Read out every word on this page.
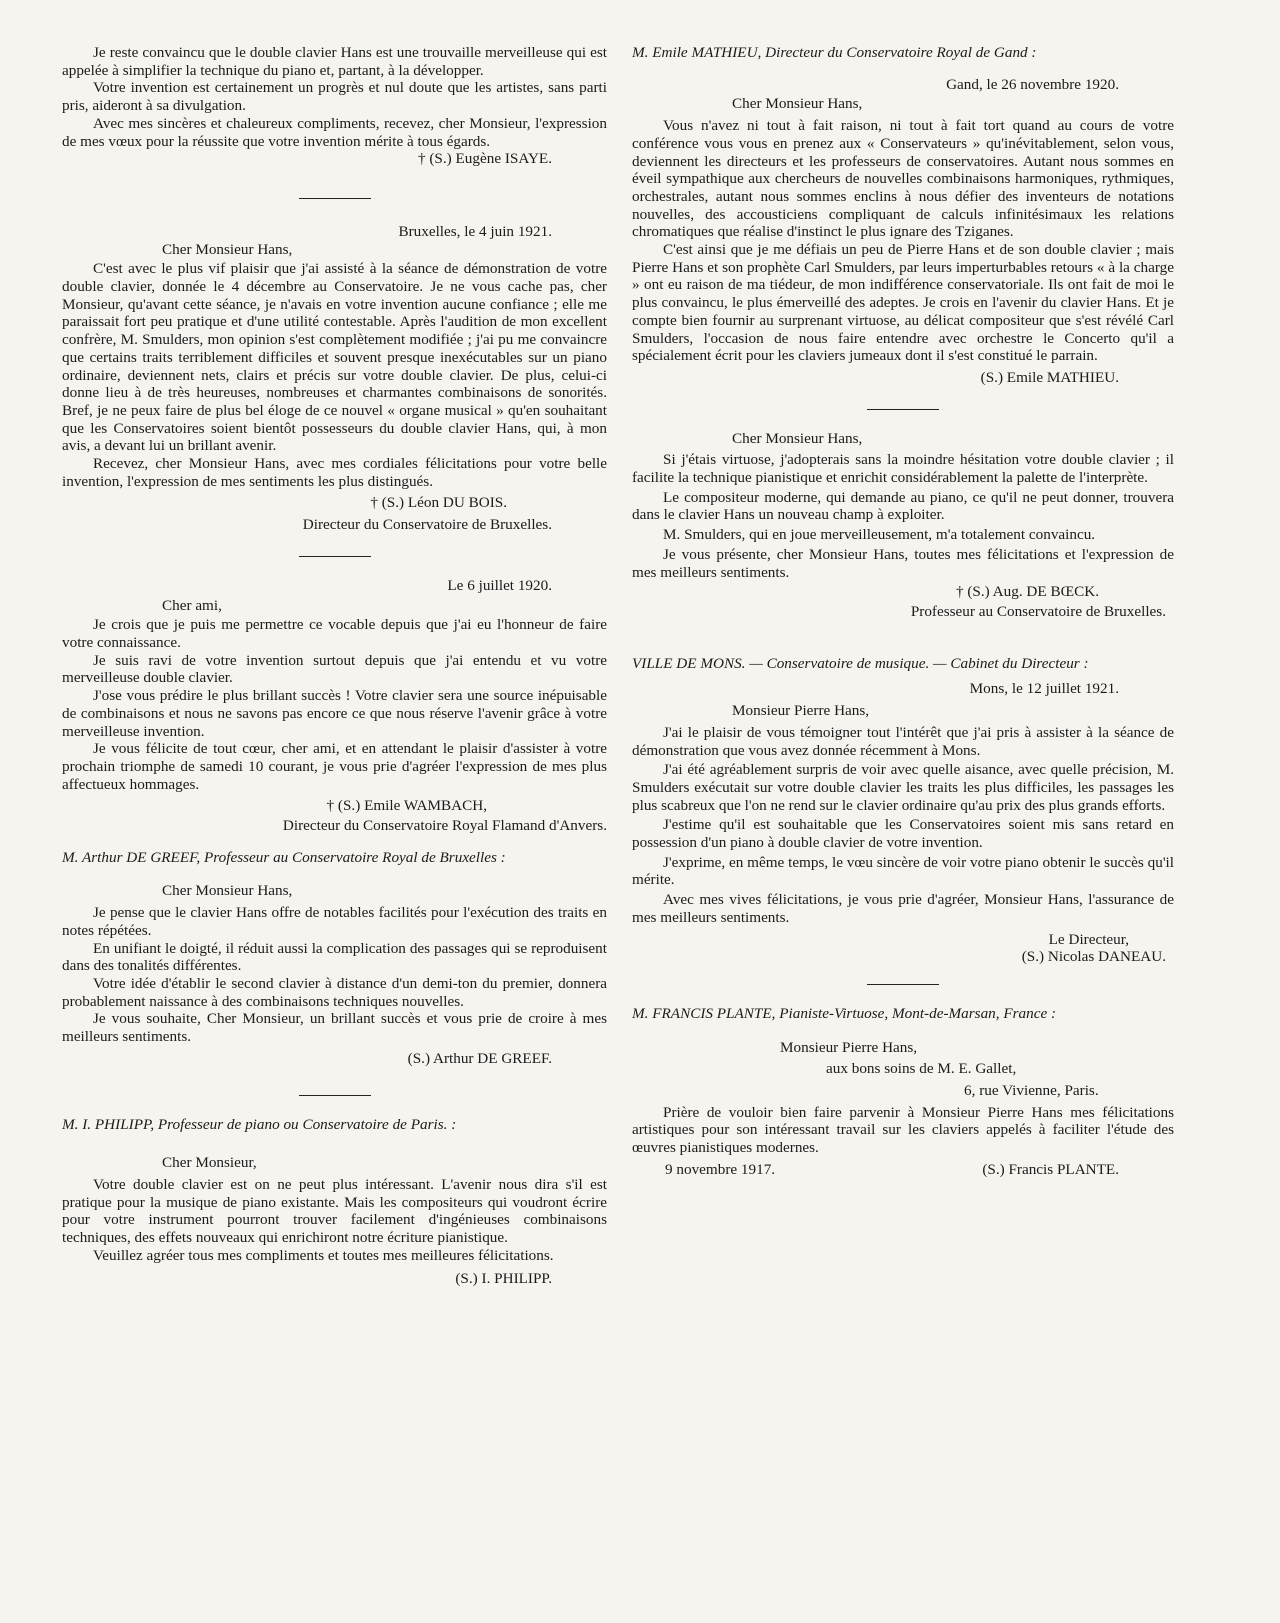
Je reste convaincu que le double clavier Hans est une trouvaille merveilleuse qui est appelée à simplifier la technique du piano et, partant, à la développer.

Votre invention est certainement un progrès et nul doute que les artistes, sans parti pris, aideront à sa divulgation.

Avec mes sincères et chaleureux compliments, recevez, cher Monsieur, l'expression de mes vœux pour la réussite que votre invention mérite à tous égards.

† (S.) Eugène ISAYE.

Bruxelles, le 4 juin 1921.

Cher Monsieur Hans,

C'est avec le plus vif plaisir que j'ai assisté à la séance de démonstration de votre double clavier, donnée le 4 décembre au Conservatoire. Je ne vous cache pas, cher Monsieur, qu'avant cette séance, je n'avais en votre invention aucune confiance ; elle me paraissait fort peu pratique et d'une utilité contestable. Après l'audition de mon excellent confrère, M. Smulders, mon opinion s'est complètement modifiée ; j'ai pu me convaincre que certains traits terriblement difficiles et souvent presque inexécutables sur un piano ordinaire, deviennent nets, clairs et précis sur votre double clavier. De plus, celui-ci donne lieu à de très heureuses, nombreuses et charmantes combinaisons de sonorités. Bref, je ne peux faire de plus bel éloge de ce nouvel « organe musical » qu'en souhaitant que les Conservatoires soient bientôt possesseurs du double clavier Hans, qui, à mon avis, a devant lui un brillant avenir.

Recevez, cher Monsieur Hans, avec mes cordiales félicitations pour votre belle invention, l'expression de mes sentiments les plus distingués.

† (S.) Léon DU BOIS.

Directeur du Conservatoire de Bruxelles.

Le 6 juillet 1920.

Cher ami,

Je crois que je puis me permettre ce vocable depuis que j'ai eu l'honneur de faire votre connaissance.

Je suis ravi de votre invention surtout depuis que j'ai entendu et vu votre merveilleuse double clavier.

J'ose vous prédire le plus brillant succès ! Votre clavier sera une source inépuisable de combinaisons et nous ne savons pas encore ce que nous réserve l'avenir grâce à votre merveilleuse invention.

Je vous félicite de tout cœur, cher ami, et en attendant le plaisir d'assister à votre prochain triomphe de samedi 10 courant, je vous prie d'agréer l'expression de mes plus affectueux hommages.

† (S.) Emile WAMBACH,

Directeur du Conservatoire Royal Flamand d'Anvers.

M. Arthur DE GREEF, Professeur au Conservatoire Royal de Bruxelles :

Cher Monsieur Hans,

Je pense que le clavier Hans offre de notables facilités pour l'exécution des traits en notes répétées.

En unifiant le doigté, il réduit aussi la complication des passages qui se reproduisent dans des tonalités différentes.

Votre idée d'établir le second clavier à distance d'un demi-ton du premier, donnera probablement naissance à des combinaisons techniques nouvelles.

Je vous souhaite, Cher Monsieur, un brillant succès et vous prie de croire à mes meilleurs sentiments.

(S.) Arthur DE GREEF.

M. I. PHILIPP, Professeur de piano ou Conservatoire de Paris. :

Cher Monsieur,

Votre double clavier est on ne peut plus intéressant. L'avenir nous dira s'il est pratique pour la musique de piano existante. Mais les compositeurs qui voudront écrire pour votre instrument pourront trouver facilement d'ingénieuses combinaisons techniques, des effets nouveaux qui enrichiront notre écriture pianistique.

Veuillez agréer tous mes compliments et toutes mes meilleures félicitations.

(S.) I. PHILIPP.

M. Emile MATHIEU, Directeur du Conservatoire Royal de Gand :

Gand, le 26 novembre 1920.

Cher Monsieur Hans,

Vous n'avez ni tout à fait raison, ni tout à fait tort quand au cours de votre conférence vous vous en prenez aux « Conservateurs » qu'inévitablement, selon vous, deviennent les directeurs et les professeurs de conservatoires. Autant nous sommes en éveil sympathique aux chercheurs de nouvelles combinaisons harmoniques, rythmiques, orchestrales, autant nous sommes enclins à nous défier des inventeurs de notations nouvelles, des accousticiens compliquant de calculs infinitésimaux les relations chromatiques que réalise d'instinct le plus ignare des Tziganes.

C'est ainsi que je me défiais un peu de Pierre Hans et de son double clavier ; mais Pierre Hans et son prophète Carl Smulders, par leurs imperturbables retours « à la charge » ont eu raison de ma tiédeur, de mon indifférence conservatoriale. Ils ont fait de moi le plus convaincu, le plus émerveillé des adeptes. Je crois en l'avenir du clavier Hans. Et je compte bien fournir au surprenant virtuose, au délicat compositeur que s'est révélé Carl Smulders, l'occasion de nous faire entendre avec orchestre le Concerto qu'il a spécialement écrit pour les claviers jumeaux dont il s'est constitué le parrain.

(S.) Emile MATHIEU.

Cher Monsieur Hans,

Si j'étais virtuose, j'adopterais sans la moindre hésitation votre double clavier ; il facilite la technique pianistique et enrichit considérablement la palette de l'interprète.

Le compositeur moderne, qui demande au piano, ce qu'il ne peut donner, trouvera dans le clavier Hans un nouveau champ à exploiter.

M. Smulders, qui en joue merveilleusement, m'a totalement convaincu.

Je vous présente, cher Monsieur Hans, toutes mes félicitations et l'expression de mes meilleurs sentiments.

† (S.) Aug. DE BŒCK.

Professeur au Conservatoire de Bruxelles.

VILLE DE MONS. — Conservatoire de musique. — Cabinet du Directeur :

Mons, le 12 juillet 1921.

Monsieur Pierre Hans,

J'ai le plaisir de vous témoigner tout l'intérêt que j'ai pris à assister à la séance de démonstration que vous avez donnée récemment à Mons.

J'ai été agréablement surpris de voir avec quelle aisance, avec quelle précision, M. Smulders exécutait sur votre double clavier les traits les plus difficiles, les passages les plus scabreux que l'on ne rend sur le clavier ordinaire qu'au prix des plus grands efforts.

J'estime qu'il est souhaitable que les Conservatoires soient mis sans retard en possession d'un piano à double clavier de votre invention.

J'exprime, en même temps, le vœu sincère de voir votre piano obtenir le succès qu'il mérite.

Avec mes vives félicitations, je vous prie d'agréer, Monsieur Hans, l'assurance de mes meilleurs sentiments.

Le Directeur,

(S.) Nicolas DANEAU.

M. FRANCIS PLANTE, Pianiste-Virtuose, Mont-de-Marsan, France :

Monsieur Pierre Hans,

aux bons soins de M. E. Gallet,

6, rue Vivienne, Paris.

Prière de vouloir bien faire parvenir à Monsieur Pierre Hans mes félicitations artistiques pour son intéressant travail sur les claviers appelés à faciliter l'étude des œuvres pianistiques modernes.

9 novembre 1917.	(S.) Francis PLANTE.
